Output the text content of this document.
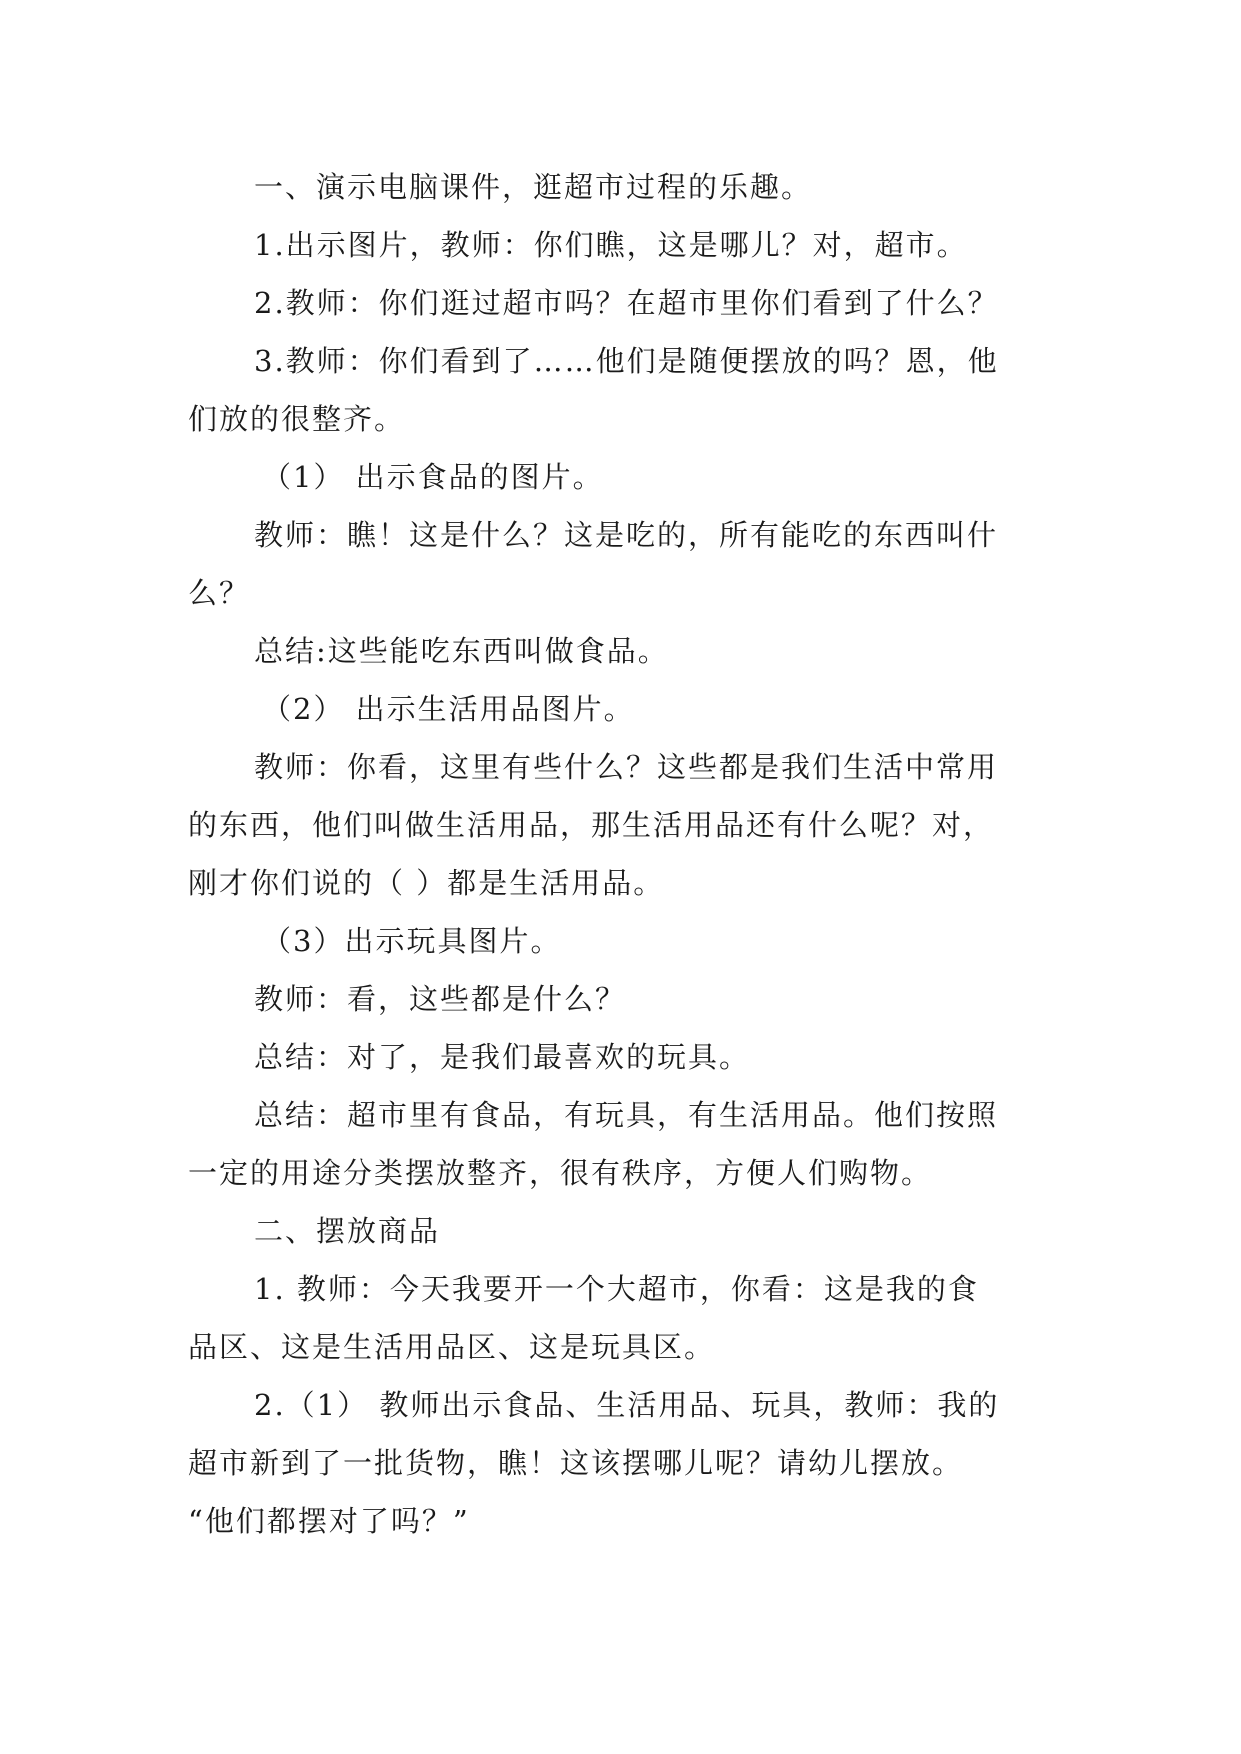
一、演示电脑课件，逛超市过程的乐趣。
1.出示图片，教师：你们瞧，这是哪儿？对，超市。
2.教师：你们逛过超市吗？在超市里你们看到了什么？
3.教师：你们看到了……他们是随便摆放的吗？恩，他
们放的很整齐。
（1） 出示食品的图片。
教师：瞧！这是什么？这是吃的，所有能吃的东西叫什
么？
总结:这些能吃东西叫做食品。
（2） 出示生活用品图片。
教师：你看，这里有些什么？这些都是我们生活中常用
的东西，他们叫做生活用品，那生活用品还有什么呢？对，
刚才你们说的（ ）都是生活用品。
（3）出示玩具图片。
教师：看，这些都是什么？
总结：对了，是我们最喜欢的玩具。
总结：超市里有食品，有玩具，有生活用品。他们按照
一定的用途分类摆放整齐，很有秩序，方便人们购物。
二、摆放商品
1. 教师：今天我要开一个大超市，你看：这是我的食
品区、这是生活用品区、这是玩具区。
2.（1） 教师出示食品、生活用品、玩具，教师：我的
超市新到了一批货物，瞧！这该摆哪儿呢？请幼儿摆放。
“他们都摆对了吗？”
